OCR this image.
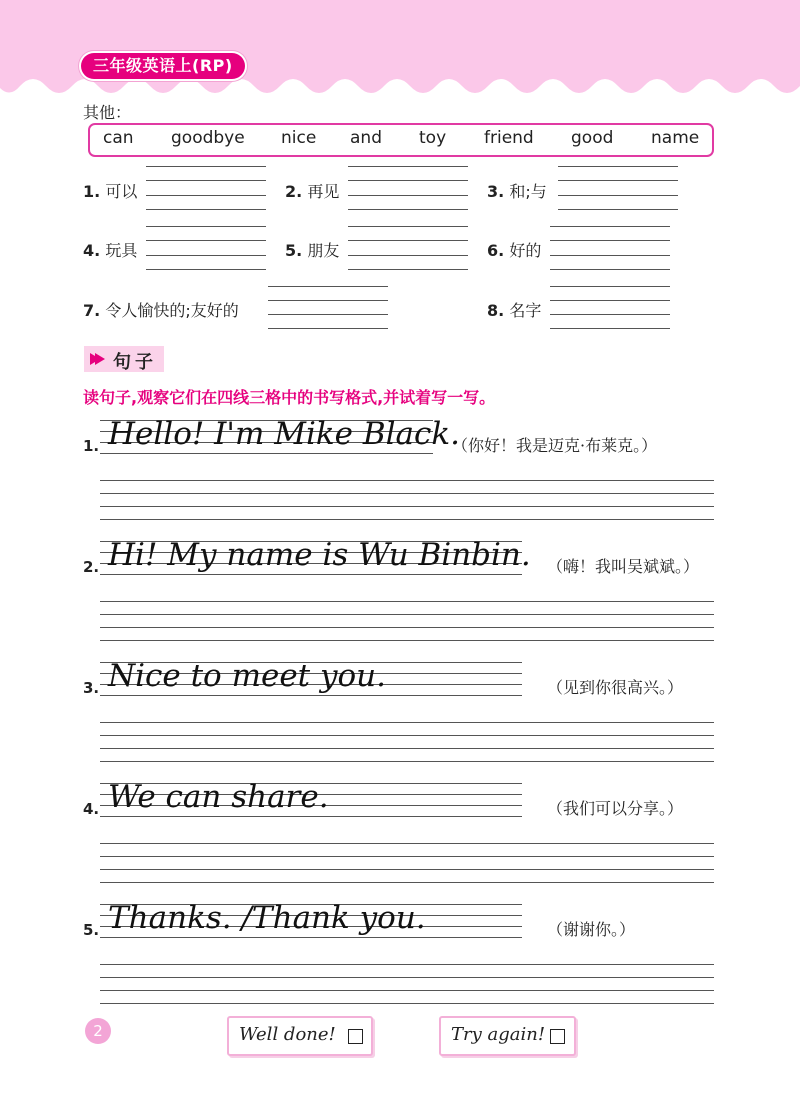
三年级英语上(RP)
其他：
can goodbye nice and toy friend good name
1. 可以	2. 再见	3. 和;与
4. 玩具	5. 朋友	6. 好的
7. 令人愉快的;友好的	8. 名字
句子
读句子,观察它们在四线三格中的书写格式,并试着写一写。
1. Hello! I'm Mike Black.
（你好！我是迈克·布莱克。）
2. Hi! My name is Wu Binbin. （嗨！我叫吴斌斌。）
3. Nice to meet you.	（见到你很高兴。）
4. We can share.	（我们可以分享。）
5. Thanks. /Thank you.	（谢谢你。）
2	Well done!	Try again!
